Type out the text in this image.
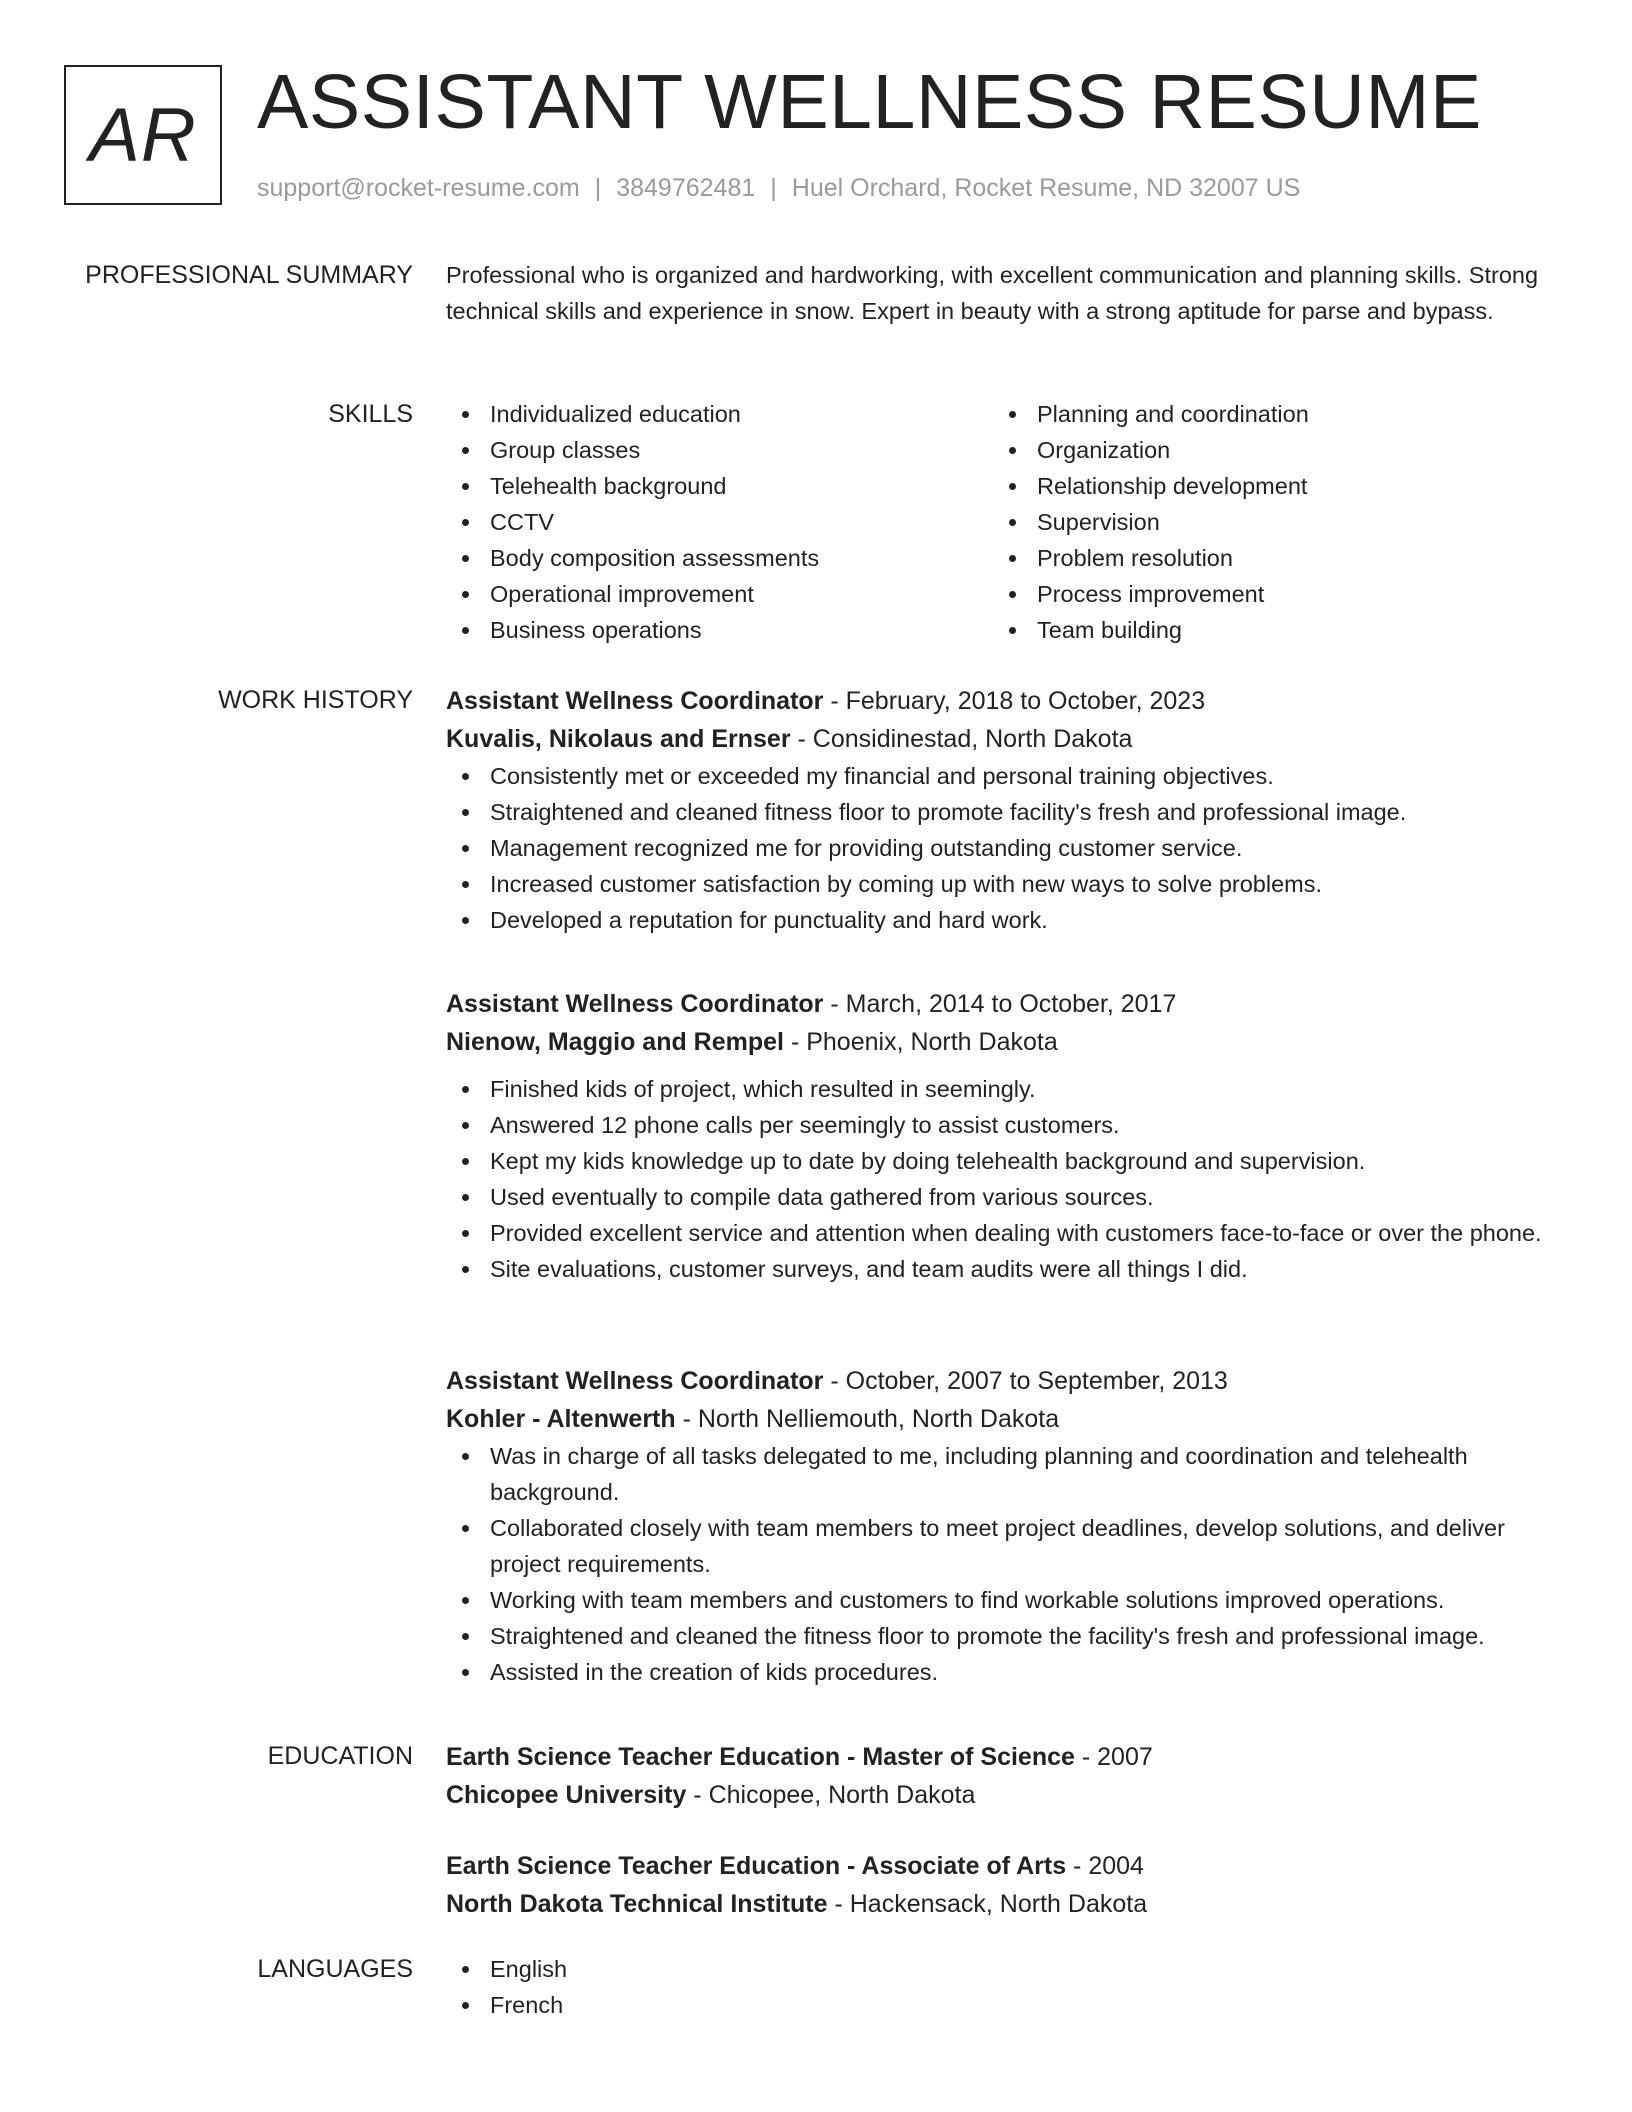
AR ASSISTANT WELLNESS RESUME
support@rocket-resume.com | 3849762481 | Huel Orchard, Rocket Resume, ND 32007 US
PROFESSIONAL SUMMARY Professional who is organized and hardworking, with excellent communication and planning skills. Strong technical skills and experience in snow. Expert in beauty with a strong aptitude for parse and bypass.

SKILLS	Individualized education
Group classes
Telehealth background
CCTV
Body composition assessments
Operational improvement
Business operations
Planning and coordination
Organization
Relationship development
Supervision
Problem resolution
Process improvement
Team building
WORK HISTORY Assistant Wellness Coordinator - February, 2018 to October, 2023
Kuvalis, Nikolaus and Ernser - Considinestad, North Dakota
Consistently met or exceeded my financial and personal training objectives.
Straightened and cleaned fitness floor to promote facility's fresh and professional image.
Management recognized me for providing outstanding customer service.
Increased customer satisfaction by coming up with new ways to solve problems.
Developed a reputation for punctuality and hard work.
Assistant Wellness Coordinator - March, 2014 to October, 2017
Nienow, Maggio and Rempel - Phoenix, North Dakota
Finished kids of project, which resulted in seemingly.
Answered 12 phone calls per seemingly to assist customers.
Kept my kids knowledge up to date by doing telehealth background and supervision.
Used eventually to compile data gathered from various sources.
Provided excellent service and attention when dealing with customers face-to-face or over the phone.
Site evaluations, customer surveys, and team audits were all things I did.
Assistant Wellness Coordinator - October, 2007 to September, 2013
Kohler - Altenwerth - North Nelliemouth, North Dakota
Was in charge of all tasks delegated to me, including planning and coordination and telehealth background.
Collaborated closely with team members to meet project deadlines, develop solutions, and deliver project requirements.
Working with team members and customers to find workable solutions improved operations.
Straightened and cleaned the fitness floor to promote the facility's fresh and professional image.
Assisted in the creation of kids procedures.
EDUCATION Earth Science Teacher Education - Master of Science - 2007
Chicopee University - Chicopee, North Dakota
Earth Science Teacher Education - Associate of Arts - 2004
North Dakota Technical Institute - Hackensack, North Dakota
LANGUAGES	English
French
